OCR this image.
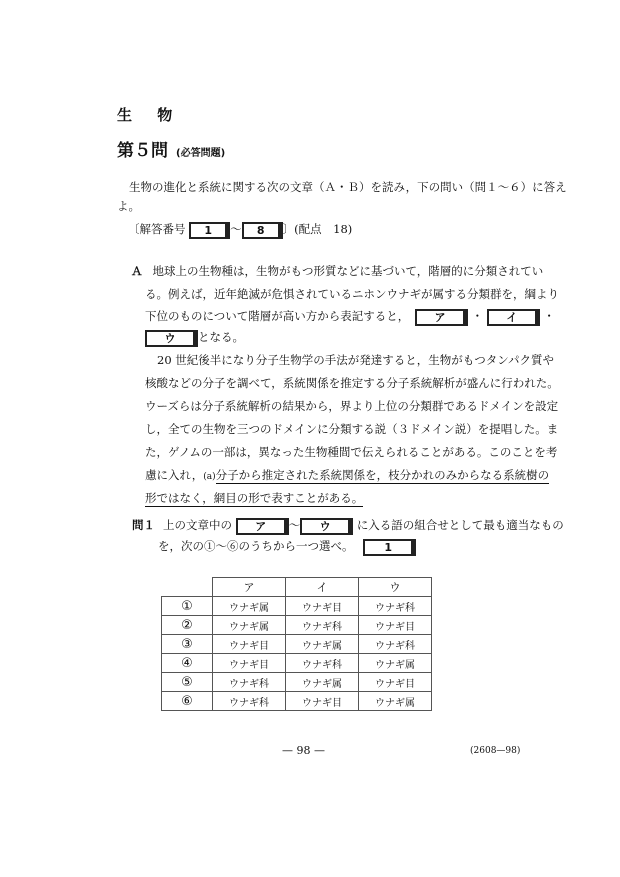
生 物
第５問 (必答問題)
生物の進化と系統に関する次の文章（Ａ・Ｂ）を読み，下の問い（問１～６）に答え
よ。
〔解答番号 1 ～ 8 〕(配点　18)
Ａ 地球上の生物種は，生物がもつ形質などに基づいて，階層的に分類されてい
る。例えば，近年絶滅が危惧されているニホンウナギが属する分類群を，綱より
下位のものについて階層が高い方から表記すると， ア ・ イ ・
ウ となる。
20 世紀後半になり分子生物学の手法が発達すると，生物がもつタンパク質や
核酸などの分子を調べて，系統関係を推定する分子系統解析が盛んに行われた。
ウーズらは分子系統解析の結果から，界より上位の分類群であるドメインを設定
し，全ての生物を三つのドメインに分類する説（３ドメイン説）を提唱した。ま
た，ゲノムの一部は，異なった生物種間で伝えられることがある。このことを考
慮に入れ，(a)分子から推定された系統関係を，枝分かれのみからなる系統樹の
形ではなく，網目の形で表すことがある。
問１ 上の文章中の ア ～ ウ に入る語の組合せとして最も適当なもの
を，次の①～⑥のうちから一つ選べ。	1
	ア	イ	ウ
①	ウナギ属	ウナギ目	ウナギ科
②	ウナギ属	ウナギ科	ウナギ目
③	ウナギ目	ウナギ属	ウナギ科
④	ウナギ目	ウナギ科	ウナギ属
⑤	ウナギ科	ウナギ属	ウナギ目
⑥	ウナギ科	ウナギ目	ウナギ属
— 98 —	(2608—98)
